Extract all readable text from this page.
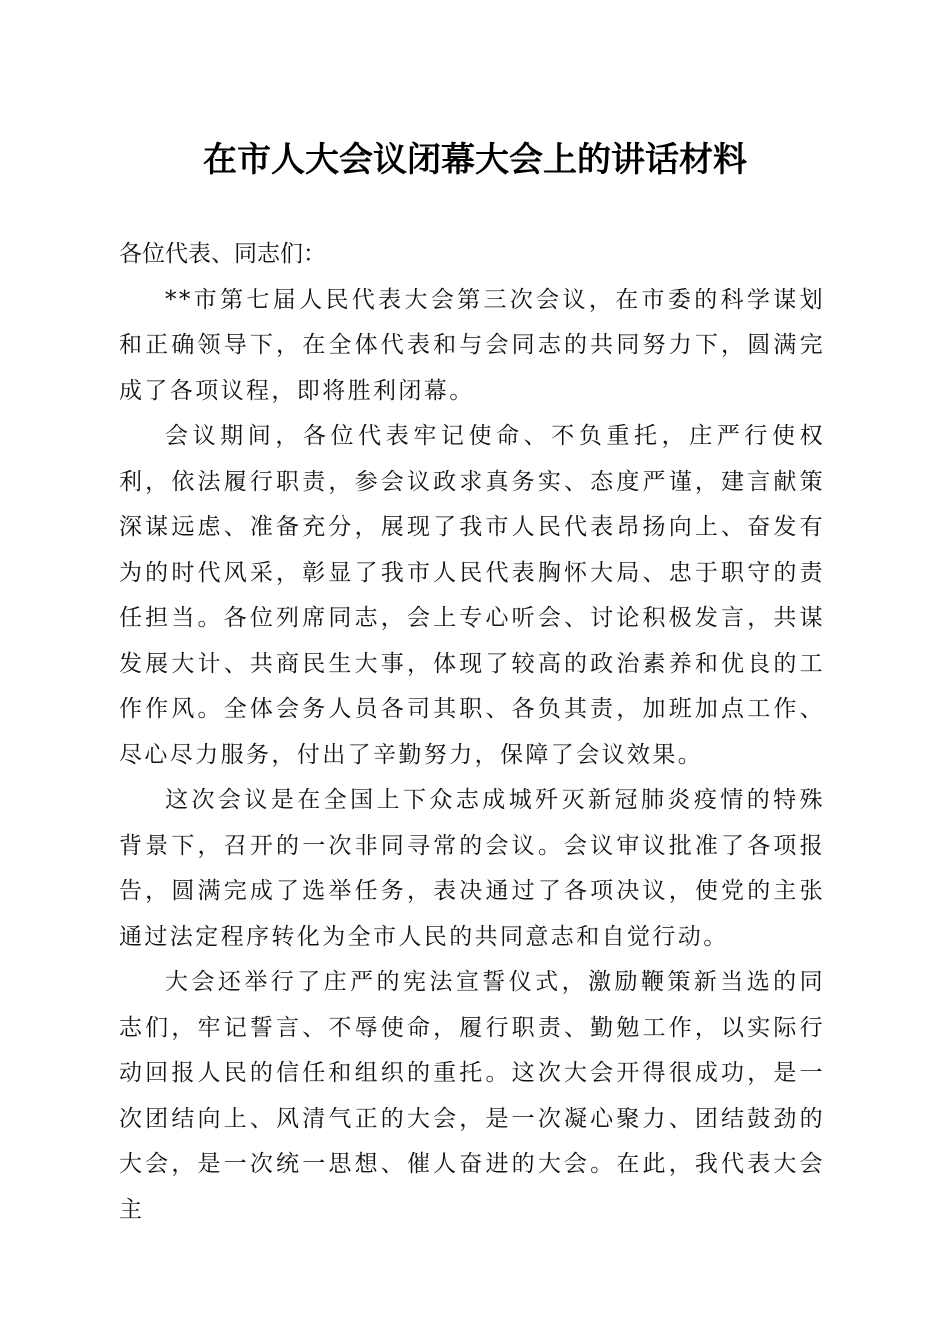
在市人大会议闭幕大会上的讲话材料

各位代表、同志们：

**市第七届人民代表大会第三次会议，在市委的科学谋划和正确领导下，在全体代表和与会同志的共同努力下，圆满完成了各项议程，即将胜利闭幕。

会议期间，各位代表牢记使命、不负重托，庄严行使权利，依法履行职责，参会议政求真务实、态度严谨，建言献策深谋远虑、准备充分，展现了我市人民代表昂扬向上、奋发有为的时代风采，彰显了我市人民代表胸怀大局、忠于职守的责任担当。各位列席同志，会上专心听会、讨论积极发言，共谋发展大计、共商民生大事，体现了较高的政治素养和优良的工作作风。全体会务人员各司其职、各负其责，加班加点工作、尽心尽力服务，付出了辛勤努力，保障了会议效果。

这次会议是在全国上下众志成城歼灭新冠肺炎疫情的特殊背景下，召开的一次非同寻常的会议。会议审议批准了各项报告，圆满完成了选举任务，表决通过了各项决议，使党的主张通过法定程序转化为全市人民的共同意志和自觉行动。

大会还举行了庄严的宪法宣誓仪式，激励鞭策新当选的同志们，牢记誓言、不辱使命，履行职责、勤勉工作，以实际行动回报人民的信任和组织的重托。这次大会开得很成功，是一次团结向上、风清气正的大会，是一次凝心聚力、团结鼓劲的大会，是一次统一思想、催人奋进的大会。在此，我代表大会主
